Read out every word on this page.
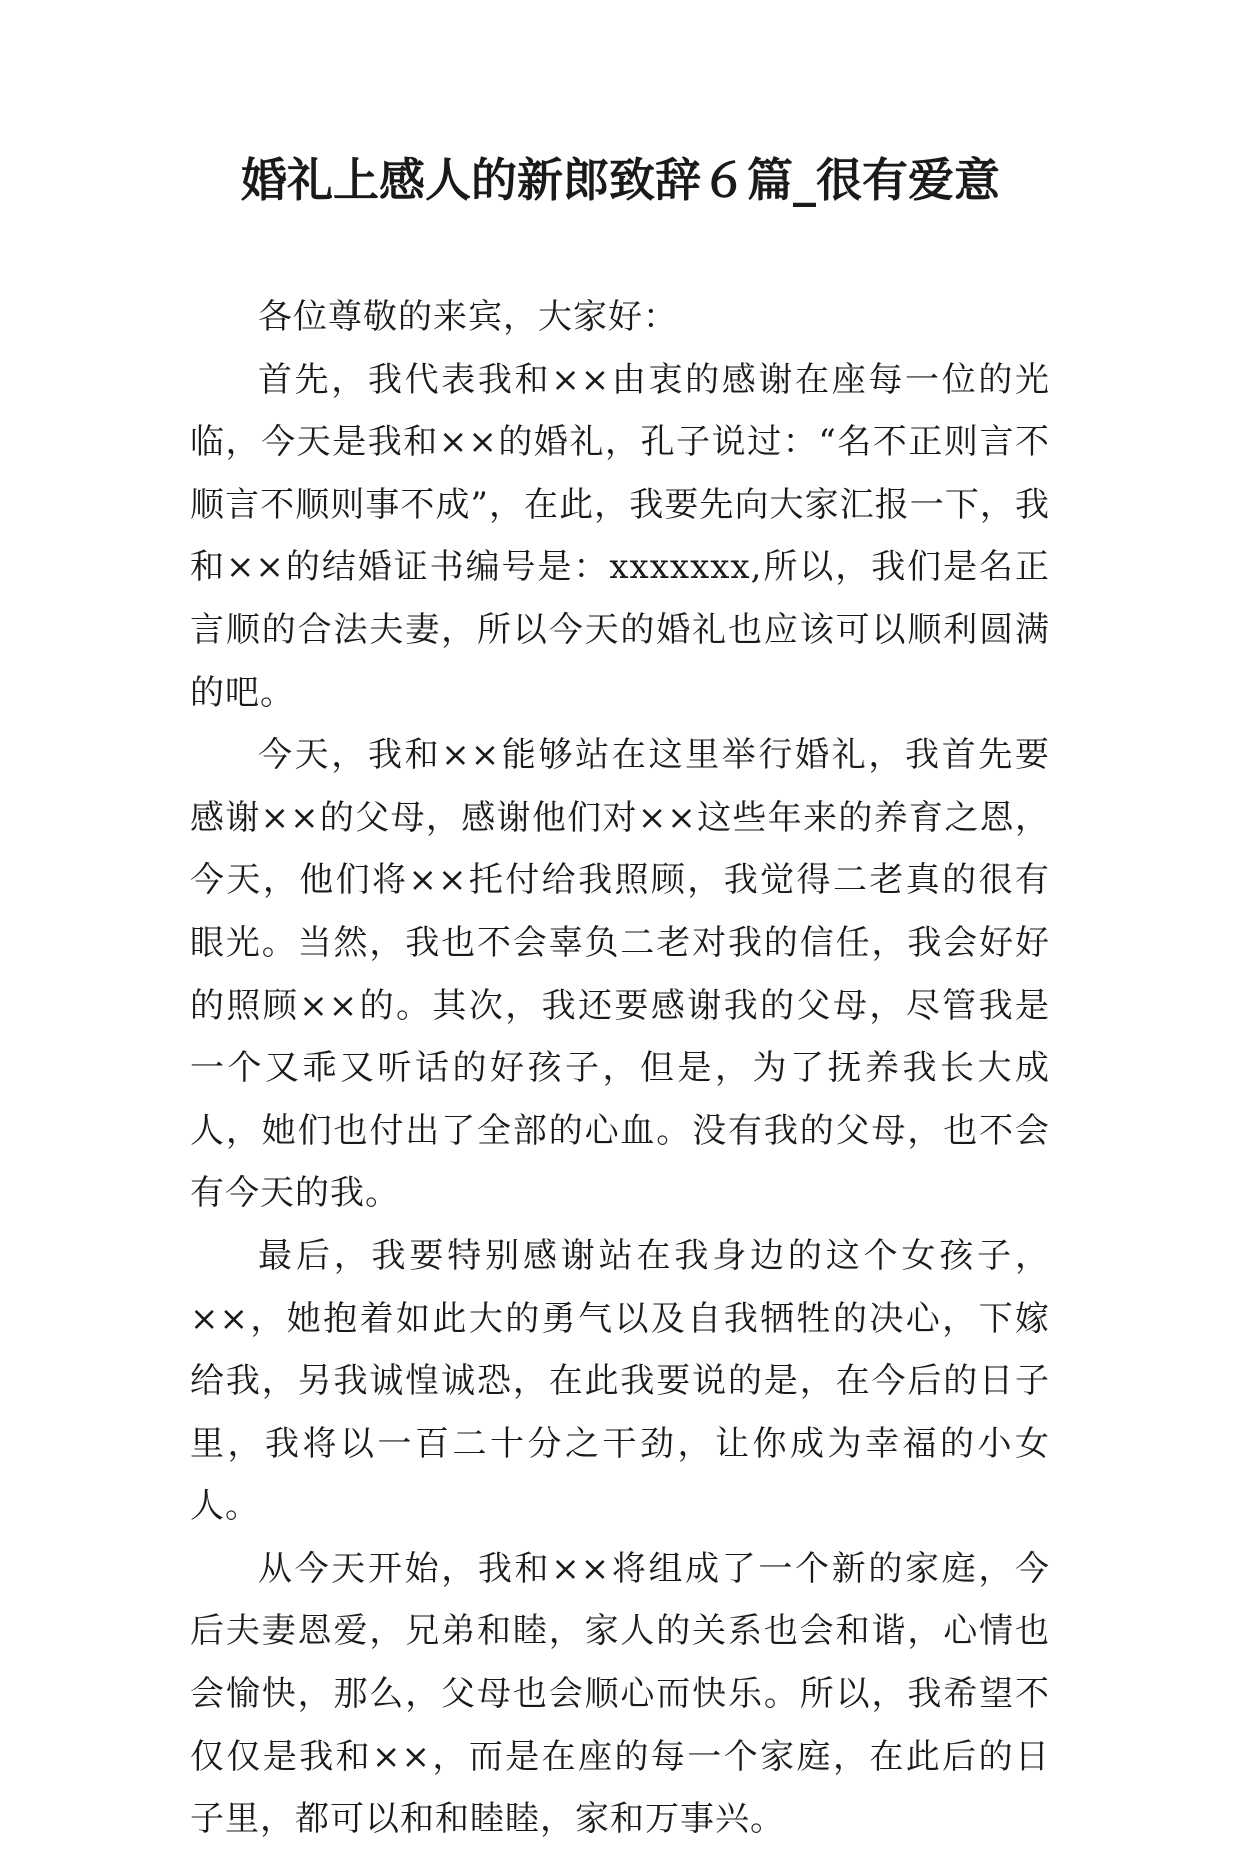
婚礼上感人的新郎致辞６篇_很有爱意

各位尊敬的来宾，大家好：

首先，我代表我和××由衷的感谢在座每一位的光临，今天是我和××的婚礼，孔子说过：“名不正则言不顺言不顺则事不成”，在此，我要先向大家汇报一下，我和××的结婚证书编号是：xxxxxxx,所以，我们是名正言顺的合法夫妻，所以今天的婚礼也应该可以顺利圆满的吧。

今天，我和××能够站在这里举行婚礼，我首先要感谢××的父母，感谢他们对××这些年来的养育之恩，今天，他们将××托付给我照顾，我觉得二老真的很有眼光。当然，我也不会辜负二老对我的信任，我会好好的照顾××的。其次，我还要感谢我的父母，尽管我是一个又乖又听话的好孩子，但是，为了抚养我长大成人，她们也付出了全部的心血。没有我的父母，也不会有今天的我。

最后，我要特别感谢站在我身边的这个女孩子，××，她抱着如此大的勇气以及自我牺牲的决心，下嫁给我，另我诚惶诚恐，在此我要说的是，在今后的日子里，我将以一百二十分之干劲，让你成为幸福的小女人。

从今天开始，我和××将组成了一个新的家庭，今后夫妻恩爱，兄弟和睦，家人的关系也会和谐，心情也会愉快，那么，父母也会顺心而快乐。所以，我希望不仅仅是我和××，而是在座的每一个家庭，在此后的日子里，都可以和和睦睦，家和万事兴。
